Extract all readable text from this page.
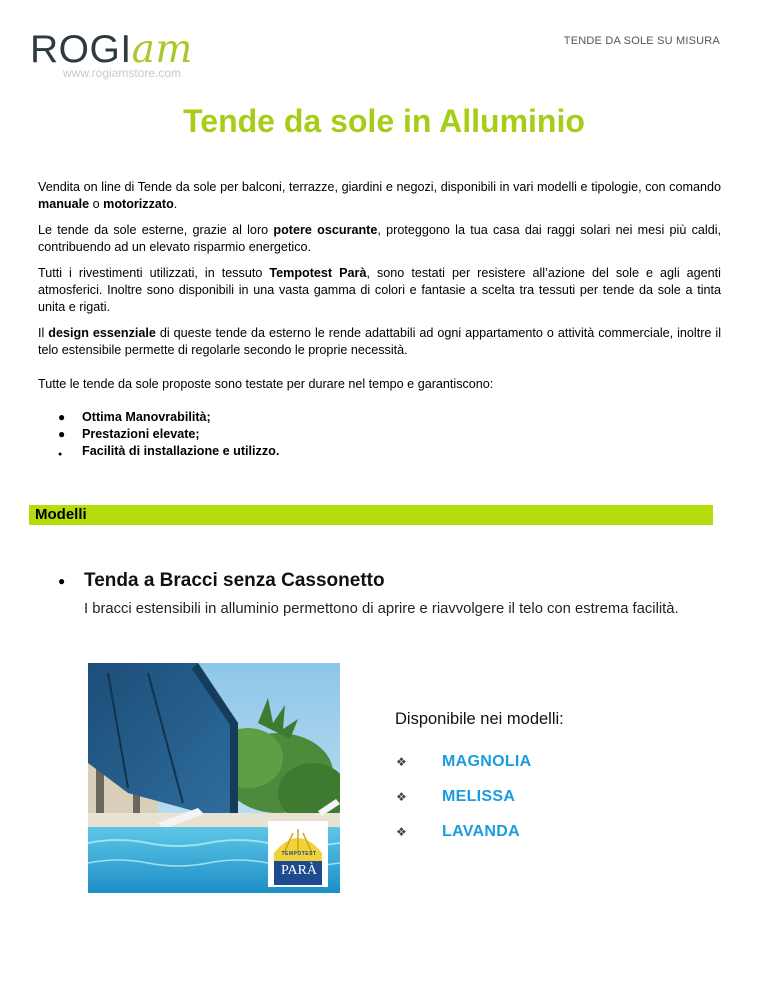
ROGIam
www.rogiamstore.com
TENDE DA SOLE SU MISURA
Tende da sole in Alluminio
Vendita on line di Tende da sole per balconi, terrazze, giardini e negozi, disponibili in vari modelli e tipologie, con comando manuale o motorizzato.
Le tende da sole esterne, grazie al loro potere oscurante, proteggono la tua casa dai raggi solari nei mesi più caldi, contribuendo ad un elevato risparmio energetico.
Tutti i rivestimenti utilizzati, in tessuto Tempotest Parà, sono testati per resistere all’azione del sole e agli agenti atmosferici. Inoltre sono disponibili in una vasta gamma di colori e fantasie a scelta tra tessuti per tende da sole a tinta unita e rigati.
Il design essenziale di queste tende da esterno le rende adattabili ad ogni appartamento o attività commerciale, inoltre il telo estensibile permette di regolarle secondo le proprie necessità.
Tutte le tende da sole proposte sono testate per durare nel tempo e garantiscono:
●	Ottima Manovrabilità;
●	Prestazioni elevate;
●	Facilità di installazione e utilizzo.
Modelli
● Tenda a Bracci senza Cassonetto
I bracci estensibili in alluminio permettono di aprire e riavvolgere il telo con estrema facilità.
TEMPOTEST
PARÀ
Disponibile nei modelli:
❖	MAGNOLIA
❖	MELISSA
❖	LAVANDA
